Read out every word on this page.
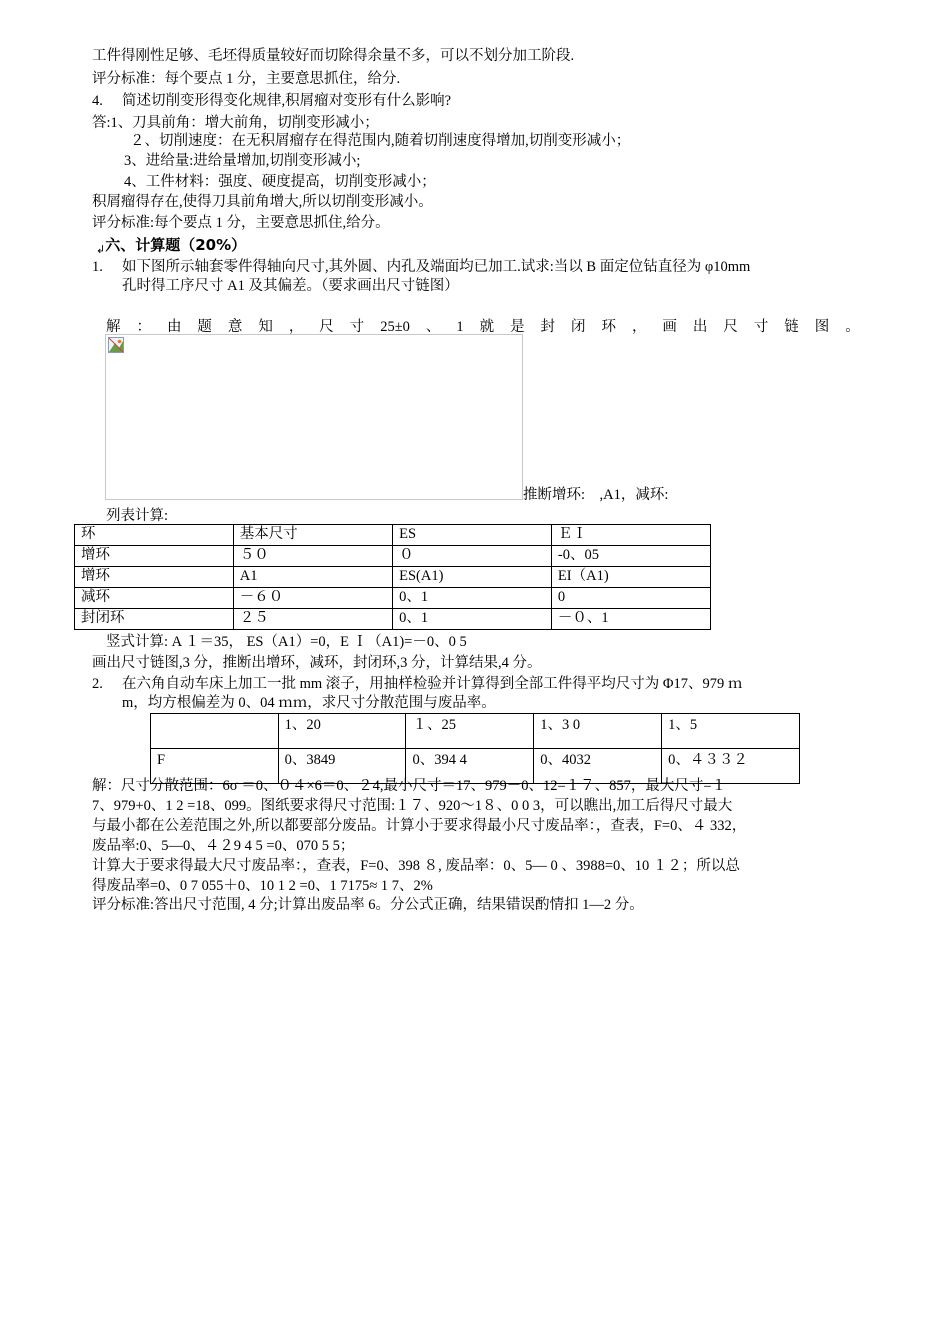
工件得刚性足够、毛坯得质量较好而切除得余量不多，可以不划分加工阶段.
评分标准：每个要点 1 分，主要意思抓住，给分.
4. 简述切削变形得变化规律,积屑瘤对变形有什么影响?
答:1、刀具前角：增大前角，切削变形减小；
２、切削速度：在无积屑瘤存在得范围内,随着切削速度得增加,切削变形减小；
3、进给量:进给量增加,切削变形减小;
4、工件材料：强度、硬度提高，切削变形减小；
积屑瘤得存在,使得刀具前角增大,所以切削变形减小。
评分标准:每个要点 1 分，主要意思抓住,给分。
$_↲$六、计算题（20%）
1. 如下图所示轴套零件得轴向尺寸,其外圆、内孔及端面均已加工.试求:当以 B 面定位钻直径为 φ10mm
孔时得工序尺寸 A1 及其偏差。（要求画出尺寸链图）
解 ： 由 题 意 知 ， 尺 寸 25±0 、 1 就 是 封 闭 环 ， 画 出 尺 寸 链 图 。
推断增环:　,A1，减环:
列表计算:
环	基本尺寸	ES	ＥＩ
增环	５０	０	-0、05
增环	A1	ES(A1)	EI（A1)
减环	－６０	0、1	0
封闭环	２５	0、1	－０、1
竖式计算: A １＝35， ES（A1）=0，E Ｉ（A1)=－0、0 5
画出尺寸链图,3 分，推断出增环，减环，封闭环,3 分，计算结果,4 分。
2. 在六角自动车床上加工一批 mm 滚子，用抽样检验并计算得到全部工件得平均尺寸为 Φ17、979 ｍ
m，均方根偏差为 0、04 ｍｍ，求尺寸分散范围与废品率。
	1、20	１、25	1、3 0	1、5
F	0、3849	0、394 4	0、4032	0、４３３２
解：尺寸分散范围：6σ ＝0、０４×6＝0、２4,最小尺寸＝17、979－0、12=１７、857，最大尺寸=１
7、979+0、1 2 =18、099。图纸要求得尺寸范围:１７、920～1８、0 0 3，可以瞧出,加工后得尺寸最大
与最小都在公差范围之外,所以都要部分废品。计算小于要求得最小尺寸废品率：，查表，F=0、４ 332，
废品率:0、5—0、４２9 4 5 =0、070 5 5；
计算大于要求得最大尺寸废品率：，查表，F=0、398 ８, 废品率：0、5— 0 、3988=0、10 １２；所以总
得废品率=0、0 7 055＋0、10 1 2 =0、1 7175≈ 1 7、2%
评分标准:答出尺寸范围, 4 分;计算出废品率 6。分公式正确，结果错误酌情扣 1—2 分。
